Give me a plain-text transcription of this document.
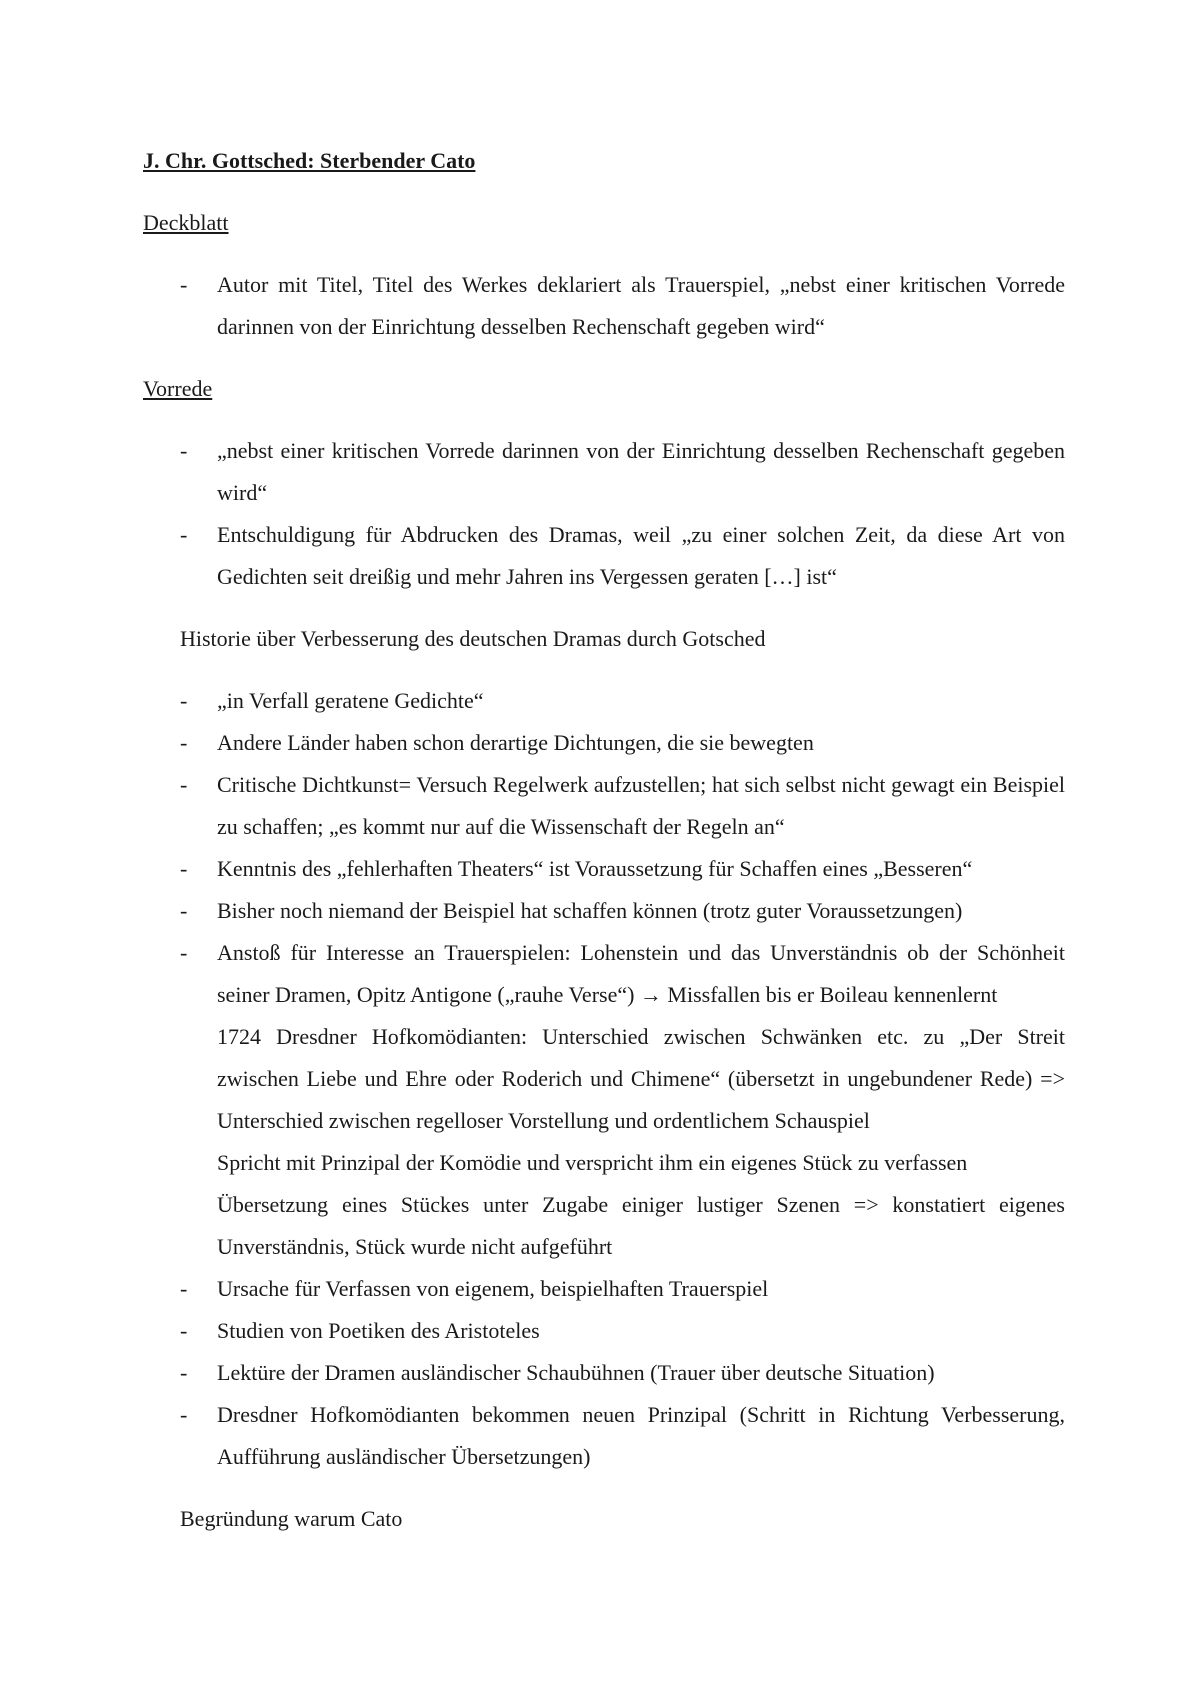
J. Chr. Gottsched: Sterbender Cato

Deckblatt

- Autor mit Titel, Titel des Werkes deklariert als Trauerspiel, „nebst einer kritischen Vorrede darinnen von der Einrichtung desselben Rechenschaft gegeben wird“

Vorrede

- „nebst einer kritischen Vorrede darinnen von der Einrichtung desselben Rechenschaft gegeben wird“
- Entschuldigung für Abdrucken des Dramas, weil „zu einer solchen Zeit, da diese Art von Gedichten seit dreißig und mehr Jahren ins Vergessen geraten […] ist“

Historie über Verbesserung des deutschen Dramas durch Gotsched

- „in Verfall geratene Gedichte“
- Andere Länder haben schon derartige Dichtungen, die sie bewegten
- Critische Dichtkunst= Versuch Regelwerk aufzustellen; hat sich selbst nicht gewagt ein Beispiel zu schaffen; „es kommt nur auf die Wissenschaft der Regeln an“
- Kenntnis des „fehlerhaften Theaters“ ist Voraussetzung für Schaffen eines „Besseren“
- Bisher noch niemand der Beispiel hat schaffen können (trotz guter Voraussetzungen)
- Anstoß für Interesse an Trauerspielen: Lohenstein und das Unverständnis ob der Schönheit seiner Dramen, Opitz Antigone („rauhe Verse“) → Missfallen bis er Boileau kennenlernt

1724 Dresdner Hofkomödianten: Unterschied zwischen Schwänken etc. zu „Der Streit zwischen Liebe und Ehre oder Roderich und Chimene“ (übersetzt in ungebundener Rede) => Unterschied zwischen regelloser Vorstellung und ordentlichem Schauspiel

Spricht mit Prinzipal der Komödie und verspricht ihm ein eigenes Stück zu verfassen

Übersetzung eines Stückes unter Zugabe einiger lustiger Szenen => konstatiert eigenes Unverständnis, Stück wurde nicht aufgeführt

- Ursache für Verfassen von eigenem, beispielhaften Trauerspiel
- Studien von Poetiken des Aristoteles
- Lektüre der Dramen ausländischer Schaubühnen (Trauer über deutsche Situation)
- Dresdner Hofkomödianten bekommen neuen Prinzipal (Schritt in Richtung Verbesserung, Aufführung ausländischer Übersetzungen)

Begründung warum Cato
